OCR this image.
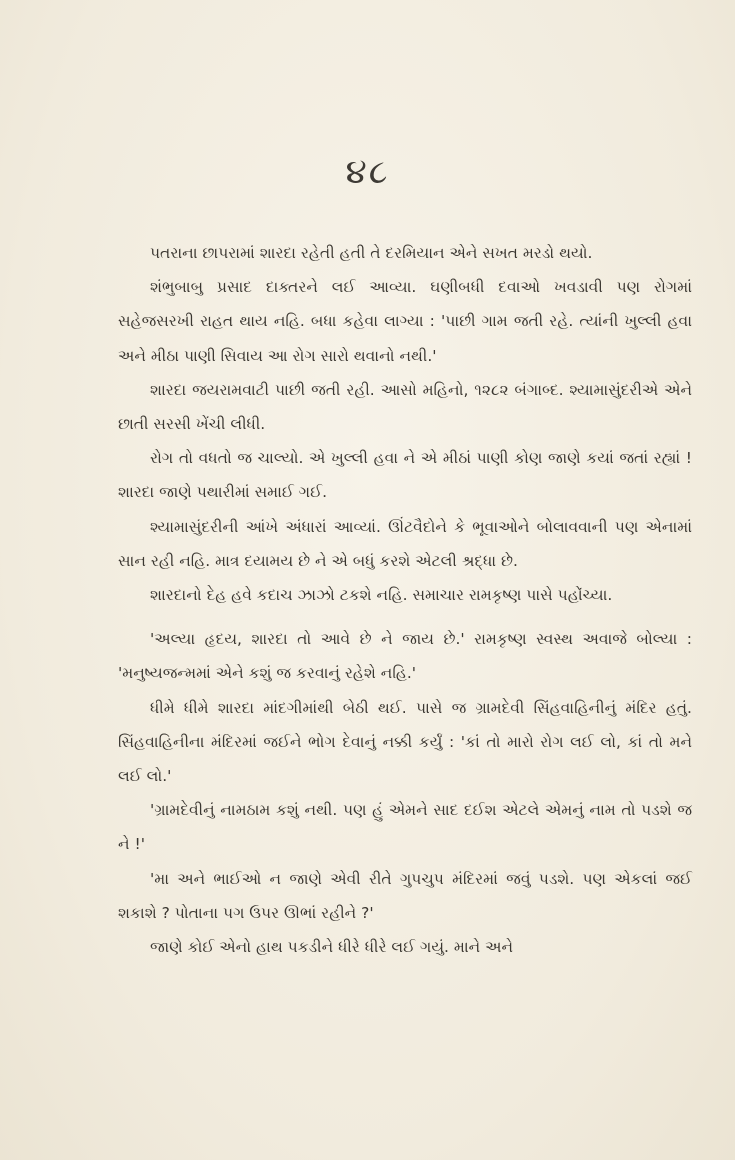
૪૮

પતરાના છાપરામાં શારદા રહેતી હતી તે દરમિયાન એને સખત મરડો થયો.

શંભુબાબુ પ્રસાદ દાક્તરને લઈ આવ્યા. ઘણીબધી દવાઓ ખવડાવી પણ રોગમાં સહેજસરખી રાહત થાય નહિ. બધા કહેવા લાગ્યા : 'પાછી ગામ જતી રહે. ત્યાંની ખુલ્લી હવા અને મીઠા પાણી સિવાય આ રોગ સારો થવાનો નથી.'

શારદા જયરામવાટી પાછી જતી રહી. આસો મહિનો, ૧૨૮૨ બંગાબ્દ. શ્યામાસુંદરીએ એને છાતી સરસી ખેંચી લીધી.

રોગ તો વધતો જ ચાલ્યો. એ ખુલ્લી હવા ને એ મીઠાં પાણી કોણ જાણે કયાં જતાં રહ્યાં ! શારદા જાણે પથારીમાં સમાઈ ગઈ.

શ્યામાસુંદરીની આંખે અંધારાં આવ્યાં. ઊંટવૈદોને કે ભૂવાઓને બોલાવવાની પણ એનામાં સાન રહી નહિ. માત્ર દયામય છે ને એ બધું કરશે એટલી શ્રદ્ધા છે.

શારદાનો દેહ હવે કદાચ ઝાઝો ટકશે નહિ. સમાચાર રામકૃષ્ણ પાસે પહોંચ્યા.

'અલ્યા હૃદય, શારદા તો આવે છે ને જાય છે.' રામકૃષ્ણ સ્વસ્થ અવાજે બોલ્યા : 'મનુષ્યજન્મમાં એને કશું જ કરવાનું રહેશે નહિ.'

ધીમે ધીમે શારદા માંદગીમાંથી બેઠી થઈ. પાસે જ ગ્રામદેવી સિંહવાહિનીનું મંદિર હતું. સિંહવાહિનીના મંદિરમાં જઈને ભોગ દેવાનું નક્કી કર્યું : 'કાં તો મારો રોગ લઈ લો, કાં તો મને લઈ લો.'

'ગ્રામદેવીનું નામઠામ કશું નથી. પણ હું એમને સાદ દઈશ એટલે એમનું નામ તો પડશે જ ને !'

'મા અને ભાઈઓ ન જાણે એવી રીતે ગુપચુપ મંદિરમાં જવું પડશે. પણ એકલાં જઈ શકાશે ? પોતાના પગ ઉપર ઊભાં રહીને ?'

જાણે કોઈ એનો હાથ પકડીને ધીરે ધીરે લઈ ગયું. માને અને
